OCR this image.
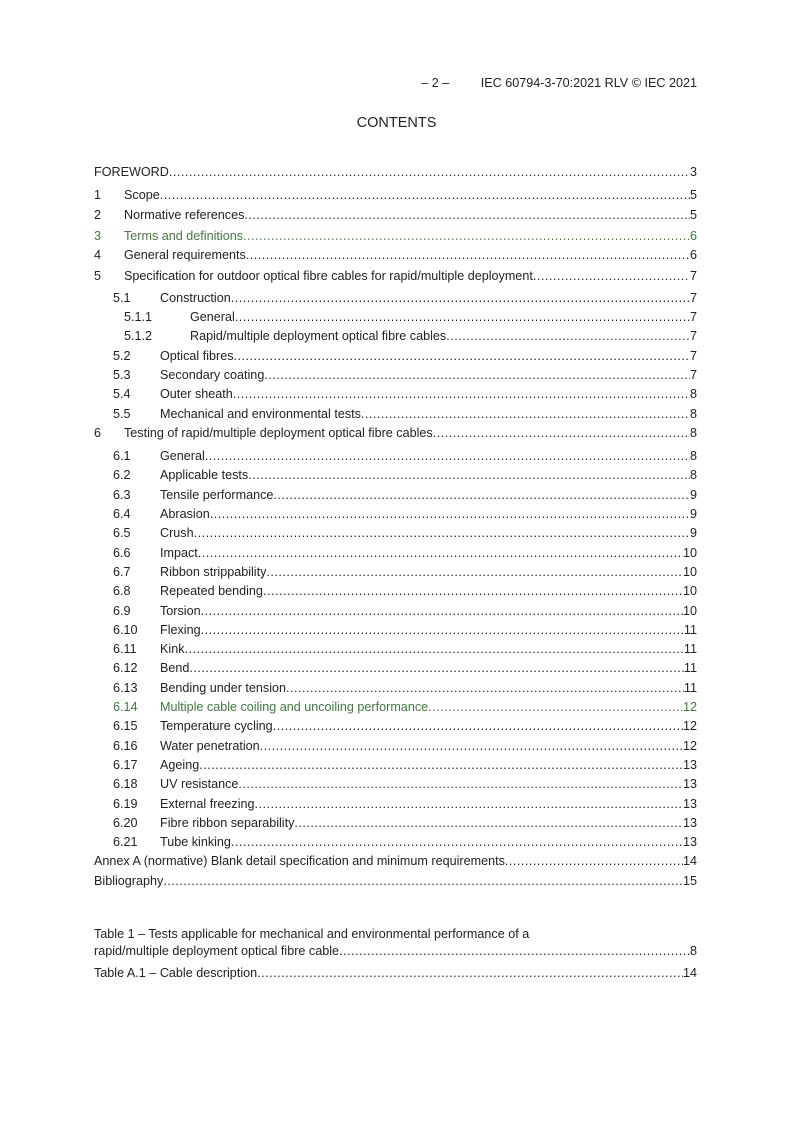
– 2 –	IEC 60794-3-70:2021 RLV © IEC 2021
CONTENTS
FOREWORD .....	3
1	Scope .....	5
2	Normative references .....	5
3	Terms and definitions .....	6
4	General requirements .....	6
5	Specification for outdoor optical fibre cables for rapid/multiple deployment .....	7
5.1	Construction .....	7
5.1.1	General .....	7
5.1.2	Rapid/multiple deployment optical fibre cables .....	7
5.2	Optical fibres .....	7
5.3	Secondary coating .....	7
5.4	Outer sheath .....	8
5.5	Mechanical and environmental tests .....	8
6	Testing of rapid/multiple deployment optical fibre cables .....	8
6.1	General .....	8
6.2	Applicable tests .....	8
6.3	Tensile performance .....	9
6.4	Abrasion .....	9
6.5	Crush .....	9
6.6	Impact .....	10
6.7	Ribbon strippability .....	10
6.8	Repeated bending .....	10
6.9	Torsion .....	10
6.10	Flexing .....	11
6.11	Kink .....	11
6.12	Bend .....	11
6.13	Bending under tension .....	11
6.14	Multiple cable coiling and uncoiling performance .....	12
6.15	Temperature cycling .....	12
6.16	Water penetration .....	12
6.17	Ageing .....	13
6.18	UV resistance .....	13
6.19	External freezing .....	13
6.20	Fibre ribbon separability .....	13
6.21	Tube kinking .....	13
Annex A (normative) Blank detail specification and minimum requirements .....	14
Bibliography .....	15
Table 1 – Tests applicable for mechanical and environmental performance of a
rapid/multiple deployment optical fibre cable .....	8
Table A.1 – Cable description .....	14
